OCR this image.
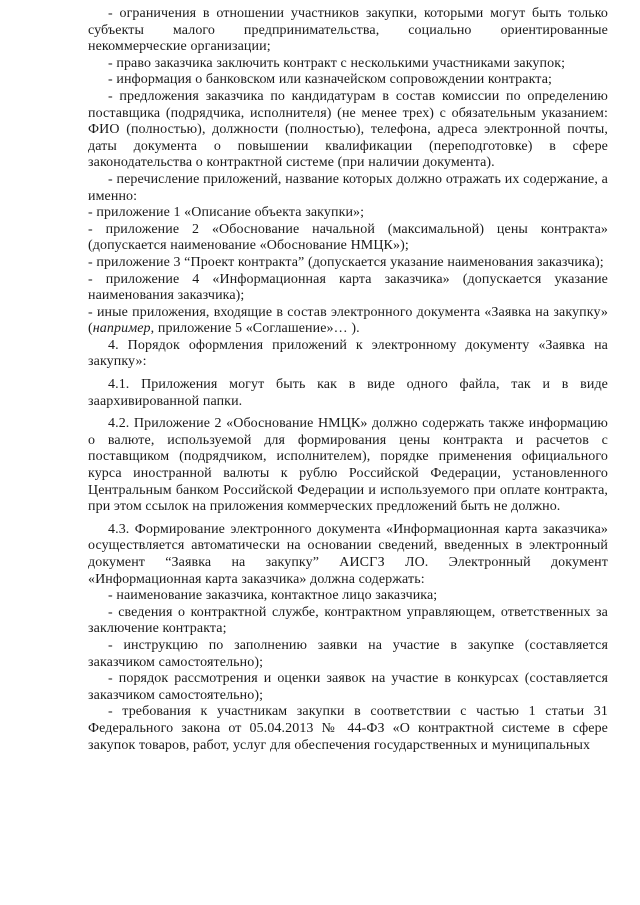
- ограничения в отношении участников закупки, которыми могут быть только субъекты малого предпринимательства, социально ориентированные некоммерческие организации;

- право заказчика заключить контракт с несколькими участниками закупок;

- информация о банковском или казначейском сопровождении контракта;

- предложения заказчика по кандидатурам в состав комиссии по определению поставщика (подрядчика, исполнителя) (не менее трех) с обязательным указанием: ФИО (полностью), должности (полностью), телефона, адреса электронной почты, даты документа о повышении квалификации (переподготовке) в сфере законодательства о контрактной системе (при наличии документа).

- перечисление приложений, название которых должно отражать их содержание, а именно:

- приложение 1 «Описание объекта закупки»;

- приложение 2 «Обоснование начальной (максимальной) цены контракта» (допускается наименование «Обоснование НМЦК»);

- приложение 3 “Проект контракта” (допускается указание наименования заказчика);

- приложение 4 «Информационная карта заказчика» (допускается указание наименования заказчика);

- иные приложения, входящие в состав электронного документа «Заявка на закупку» (например, приложение 5 «Соглашение»… ).

4. Порядок оформления приложений к электронному документу «Заявка на закупку»:

4.1. Приложения могут быть как в виде одного файла, так и в виде заархивированной папки.

4.2. Приложение 2 «Обоснование НМЦК» должно содержать также информацию о валюте, используемой для формирования цены контракта и расчетов с поставщиком (подрядчиком, исполнителем), порядке применения официального курса иностранной валюты к рублю Российской Федерации, установленного Центральным банком Российской Федерации и используемого при оплате контракта, при этом ссылок на приложения коммерческих предложений быть не должно.

4.3. Формирование электронного документа «Информационная карта заказчика» осуществляется автоматически на основании сведений, введенных в электронный документ “Заявка на закупку” АИСГЗ ЛО. Электронный документ «Информационная карта заказчика» должна содержать:

- наименование заказчика, контактное лицо заказчика;

- сведения о контрактной службе, контрактном управляющем, ответственных за заключение контракта;

- инструкцию по заполнению заявки на участие в закупке (составляется заказчиком самостоятельно);

- порядок рассмотрения и оценки заявок на участие в конкурсах (составляется заказчиком самостоятельно);

- требования к участникам закупки в соответствии с частью 1 статьи 31 Федерального закона от 05.04.2013 № 44-ФЗ «О контрактной системе в сфере закупок товаров, работ, услуг для обеспечения государственных и муниципальных
